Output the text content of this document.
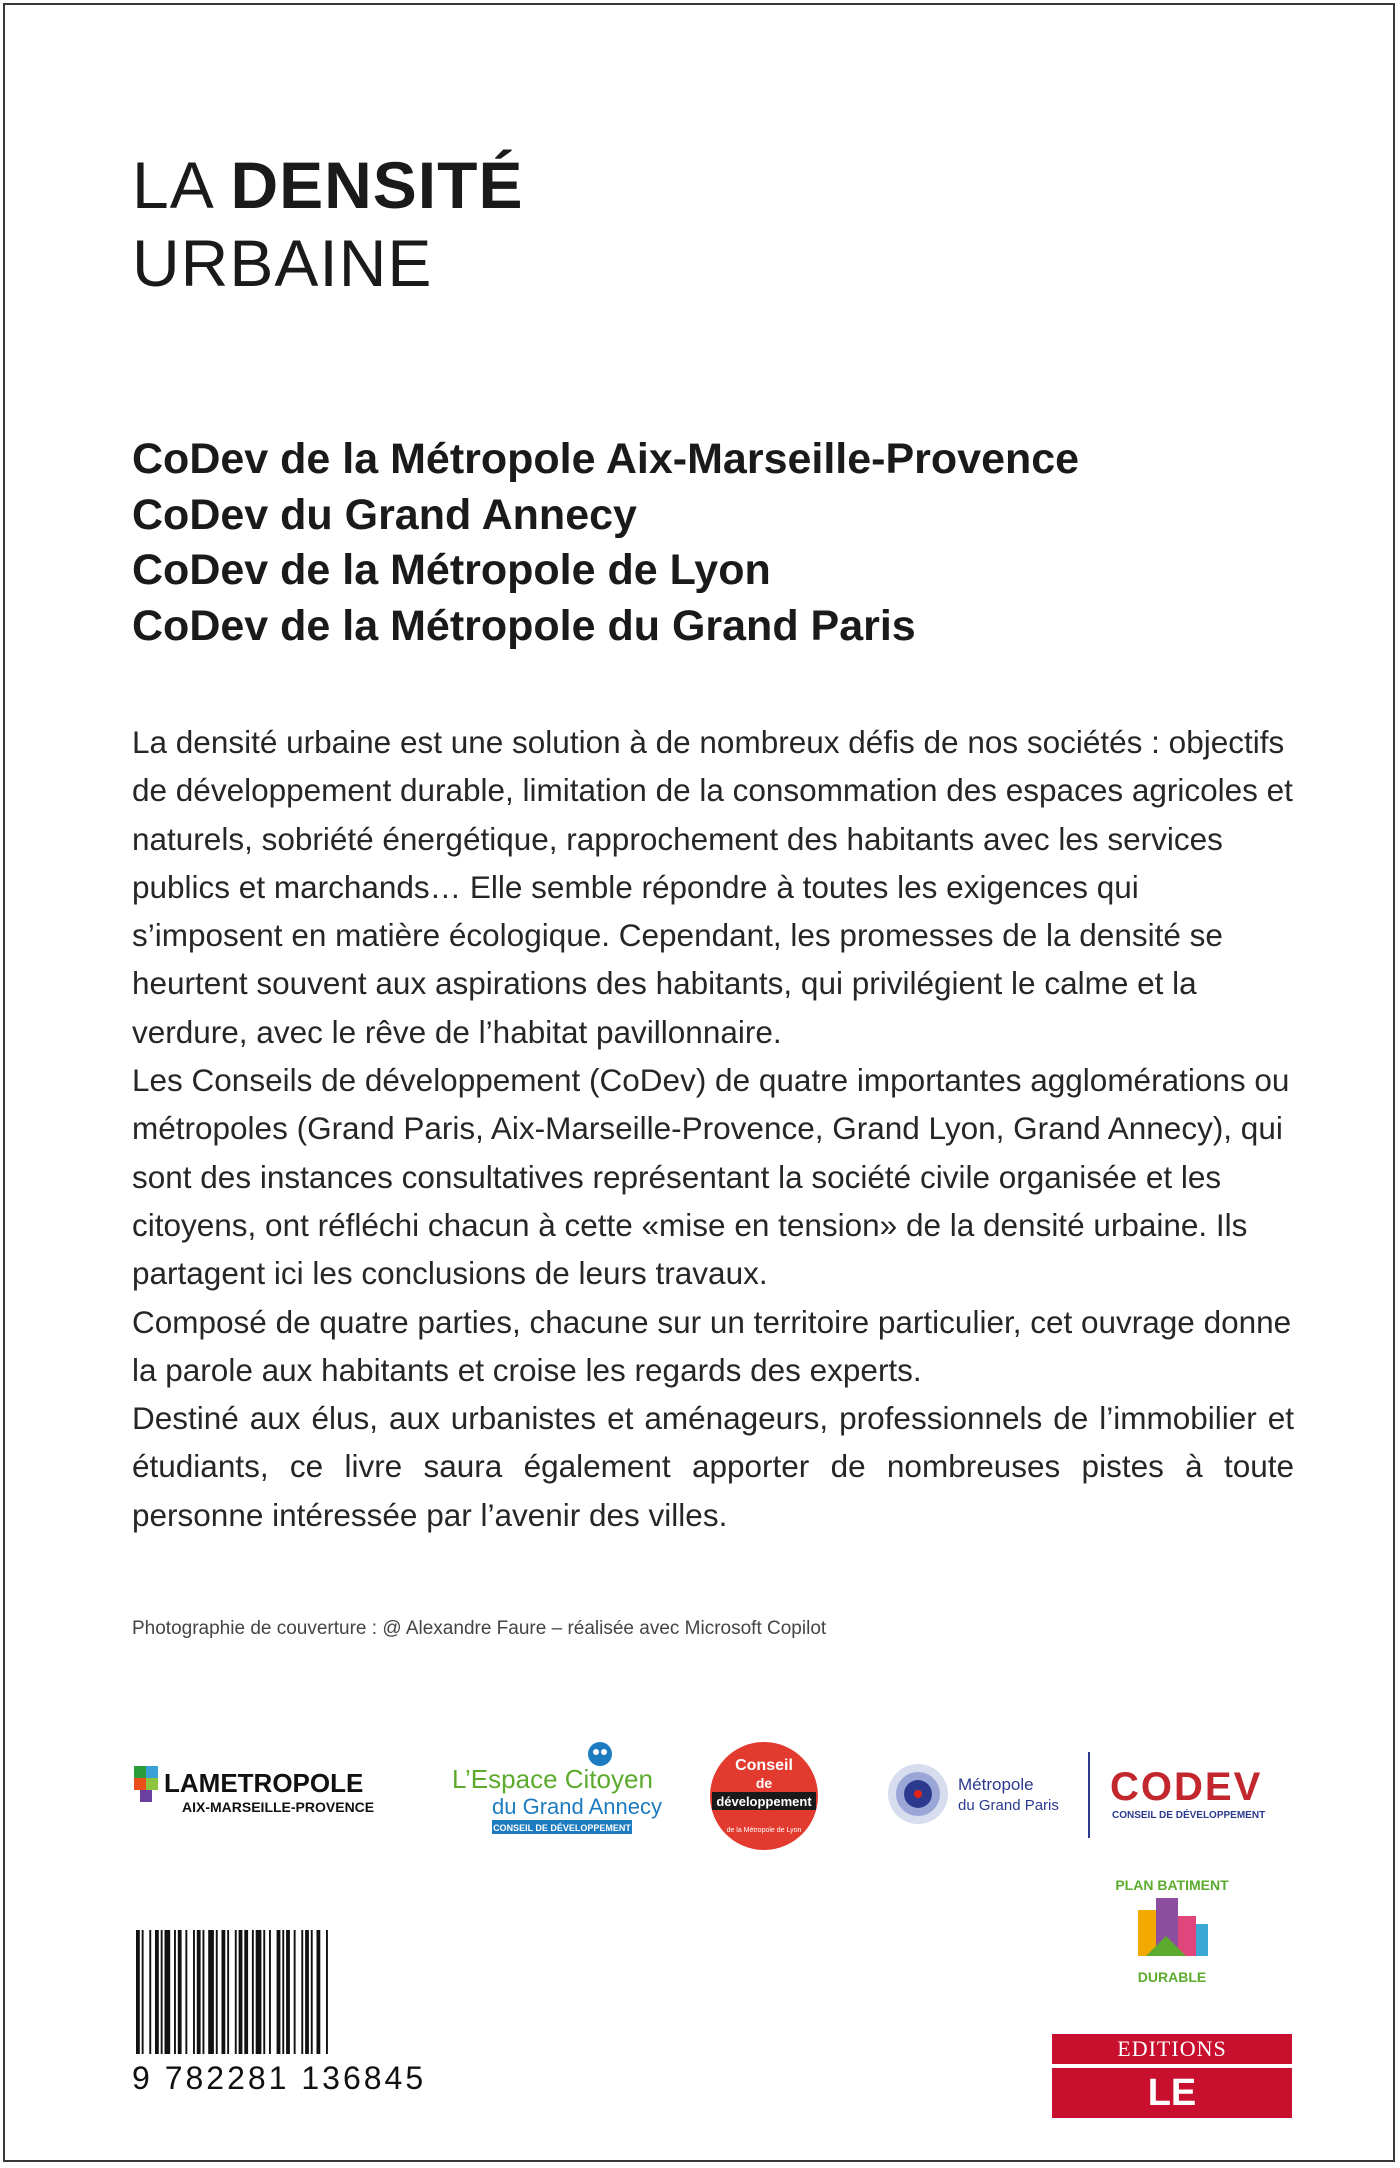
LA DENSITÉ
URBAINE
CoDev de la Métropole Aix-Marseille-Provence
CoDev du Grand Annecy
CoDev de la Métropole de Lyon
CoDev de la Métropole du Grand Paris

La densité urbaine est une solution à de nombreux défis de nos sociétés : objectifs de développement durable, limitation de la consommation des espaces agricoles et naturels, sobriété énergétique, rapprochement des habitants avec les services publics et marchands… Elle semble répondre à toutes les exigences qui s’imposent en matière écologique. Cependant, les promesses de la densité se heurtent souvent aux aspirations des habitants, qui privilégient le calme et la verdure, avec le rêve de l’habitat pavillonnaire.

Les Conseils de développement (CoDev) de quatre importantes agglomérations ou métropoles (Grand Paris, Aix-Marseille-Provence, Grand Lyon, Grand Annecy), qui sont des instances consultatives représentant la société civile organisée et les citoyens, ont réfléchi chacun à cette «mise en tension» de la densité urbaine. Ils partagent ici les conclusions de leurs travaux.

Composé de quatre parties, chacune sur un territoire particulier, cet ouvrage donne la parole aux habitants et croise les regards des experts.

Destiné aux élus, aux urbanistes et aménageurs, professionnels de l’immobilier et étudiants, ce livre saura également apporter de nombreuses pistes à toute personne intéressée par l’avenir des villes.

Photographie de couverture : @ Alexandre Faure – réalisée avec Microsoft Copilot
LAMETROPOLE
AIX-MARSEILLE-PROVENCE
L’Espace Citoyen
du Grand Annecy
CONSEIL DE DÉVELOPPEMENT
Conseil
de
développement
de la Métropole de Lyon
Métropole
du Grand Paris CODEV
CONSEIL DE DÉVELOPPEMENT
PLAN BATIMENT
DURABLE
9 782281 136845
EDITIONS
LE MONITEUR
